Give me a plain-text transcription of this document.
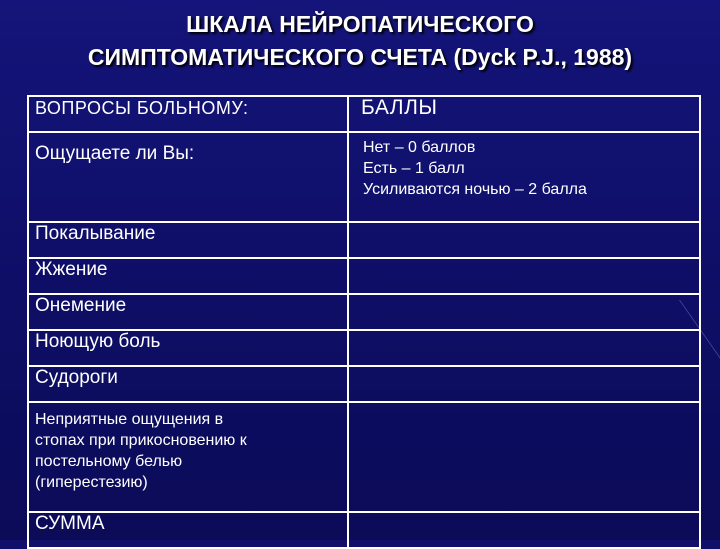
ШКАЛА НЕЙРОПАТИЧЕСКОГО
СИМПТОМАТИЧЕСКОГО СЧЕТА (Dyck P.J., 1988)
ВОПРОСЫ БОЛЬНОМУ:	БАЛЛЫ
Ощущаете ли Вы:	Нет – 0 баллов
Есть – 1 балл
Усиливаются ночью – 2 балла

Покалывание	
Жжение	
Онемение	
Ноющую боль	
Судороги	

Неприятные ощущения в
стопах при прикосновению к
постельному белью
(гиперестезию)	

СУММА	
